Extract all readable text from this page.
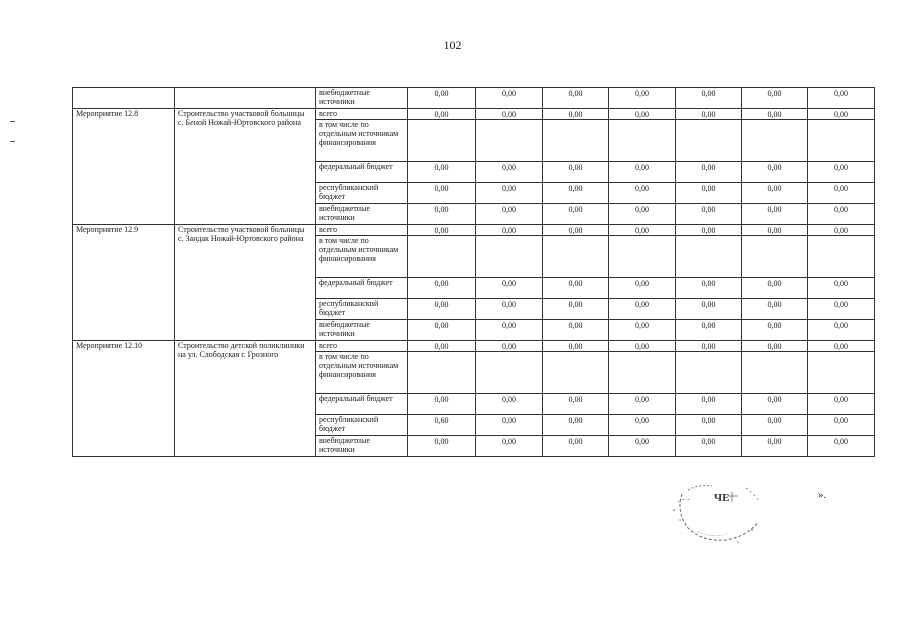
102
		внебюджетные источники	0,00	0,00	0,00	0,00	0,00	0,00	0,00
Мероприятие 12.8	Строительство участковой больницы с. Беной Ножай-Юртовского района	всего	0,00	0,00	0,00	0,00	0,00	0,00	0,00
		в том числе по отдельным источникам финансирования							
		федеральный бюджет	0,00	0,00	0,00	0,00	0,00	0,00	0,00
		республиканский бюджет	0,00	0,00	0,00	0,00	0,00	0,00	0,00
		внебюджетные источники	0,00	0,00	0,00	0,00	0,00	0,00	0,00
Мероприятие 12.9	Строительство участковой больницы с. Зандак Ножай-Юртовского района	всего	0,00	0,00	0,00	0,00	0,00	0,00	0,00
		в том числе по отдельным источникам финансирования							
		федеральный бюджет	0,00	0,00	0,00	0,00	0,00	0,00	0,00
		республиканский бюджет	0,00	0,00	0,00	0,00	0,00	0,00	0,00
		внебюджетные источники	0,00	0,00	0,00	0,00	0,00	0,00	0,00
Мероприятие 12.10	Строительство детской поликлиники на ул. Слободская г. Грозного	всего	0,00	0,00	0,00	0,00	0,00	0,00	0,00
		в том числе по отдельным источникам финансирования							
		федеральный бюджет	0,00	0,00	0,00	0,00	0,00	0,00	0,00
		республиканский бюджет	0,60	0,00	0,00	0,00	0,00	0,00	0,00
		внебюджетные источники	0,00	0,00	0,00	0,00	0,00	0,00	0,00
ЧЕ	».
